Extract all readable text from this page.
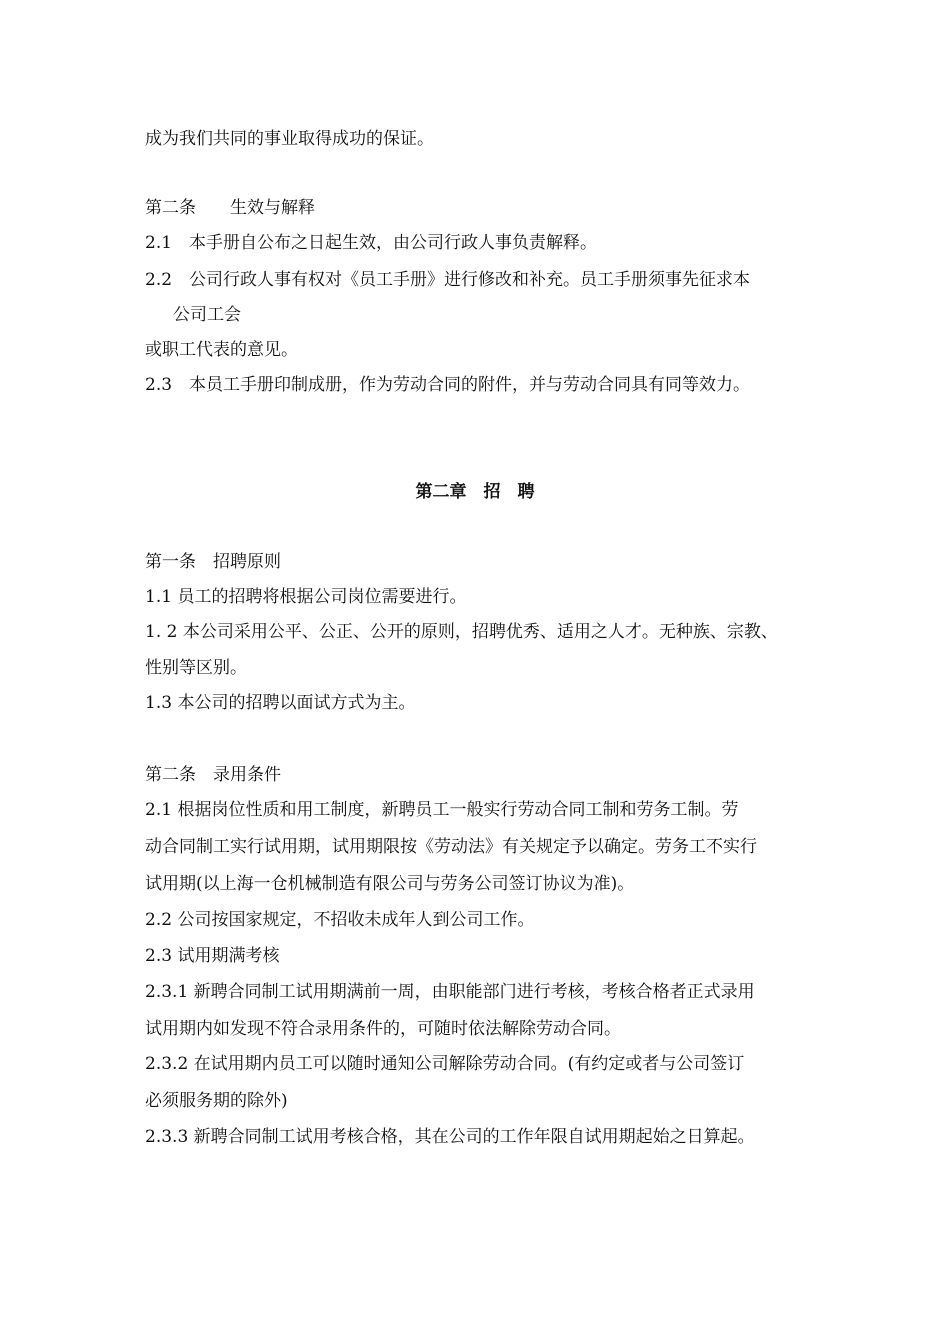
成为我们共同的事业取得成功的保证。
第二条　　生效与解释
2.1　本手册自公布之日起生效，由公司行政人事负责解释。
2.2　公司行政人事有权对《员工手册》进行修改和补充。员工手册须事先征求本
公司工会
或职工代表的意见。
2.3　本员工手册印制成册，作为劳动合同的附件，并与劳动合同具有同等效力。
第二章　招　聘
第一条　招聘原则
1.1 员工的招聘将根据公司岗位需要进行。
1. 2 本公司采用公平、公正、公开的原则，招聘优秀、适用之人才。无种族、宗教、
性别等区别。
1.3 本公司的招聘以面试方式为主。
第二条　录用条件
2.1 根据岗位性质和用工制度，新聘员工一般实行劳动合同工制和劳务工制。劳
动合同制工实行试用期，试用期限按《劳动法》有关规定予以确定。劳务工不实行
试用期(以上海一仓机械制造有限公司与劳务公司签订协议为准)。
2.2 公司按国家规定，不招收未成年人到公司工作。
2.3 试用期满考核
2.3.1 新聘合同制工试用期满前一周，由职能部门进行考核，考核合格者正式录用
试用期内如发现不符合录用条件的，可随时依法解除劳动合同。
2.3.2 在试用期内员工可以随时通知公司解除劳动合同。(有约定或者与公司签订
必须服务期的除外)
2.3.3 新聘合同制工试用考核合格，其在公司的工作年限自试用期起始之日算起。
